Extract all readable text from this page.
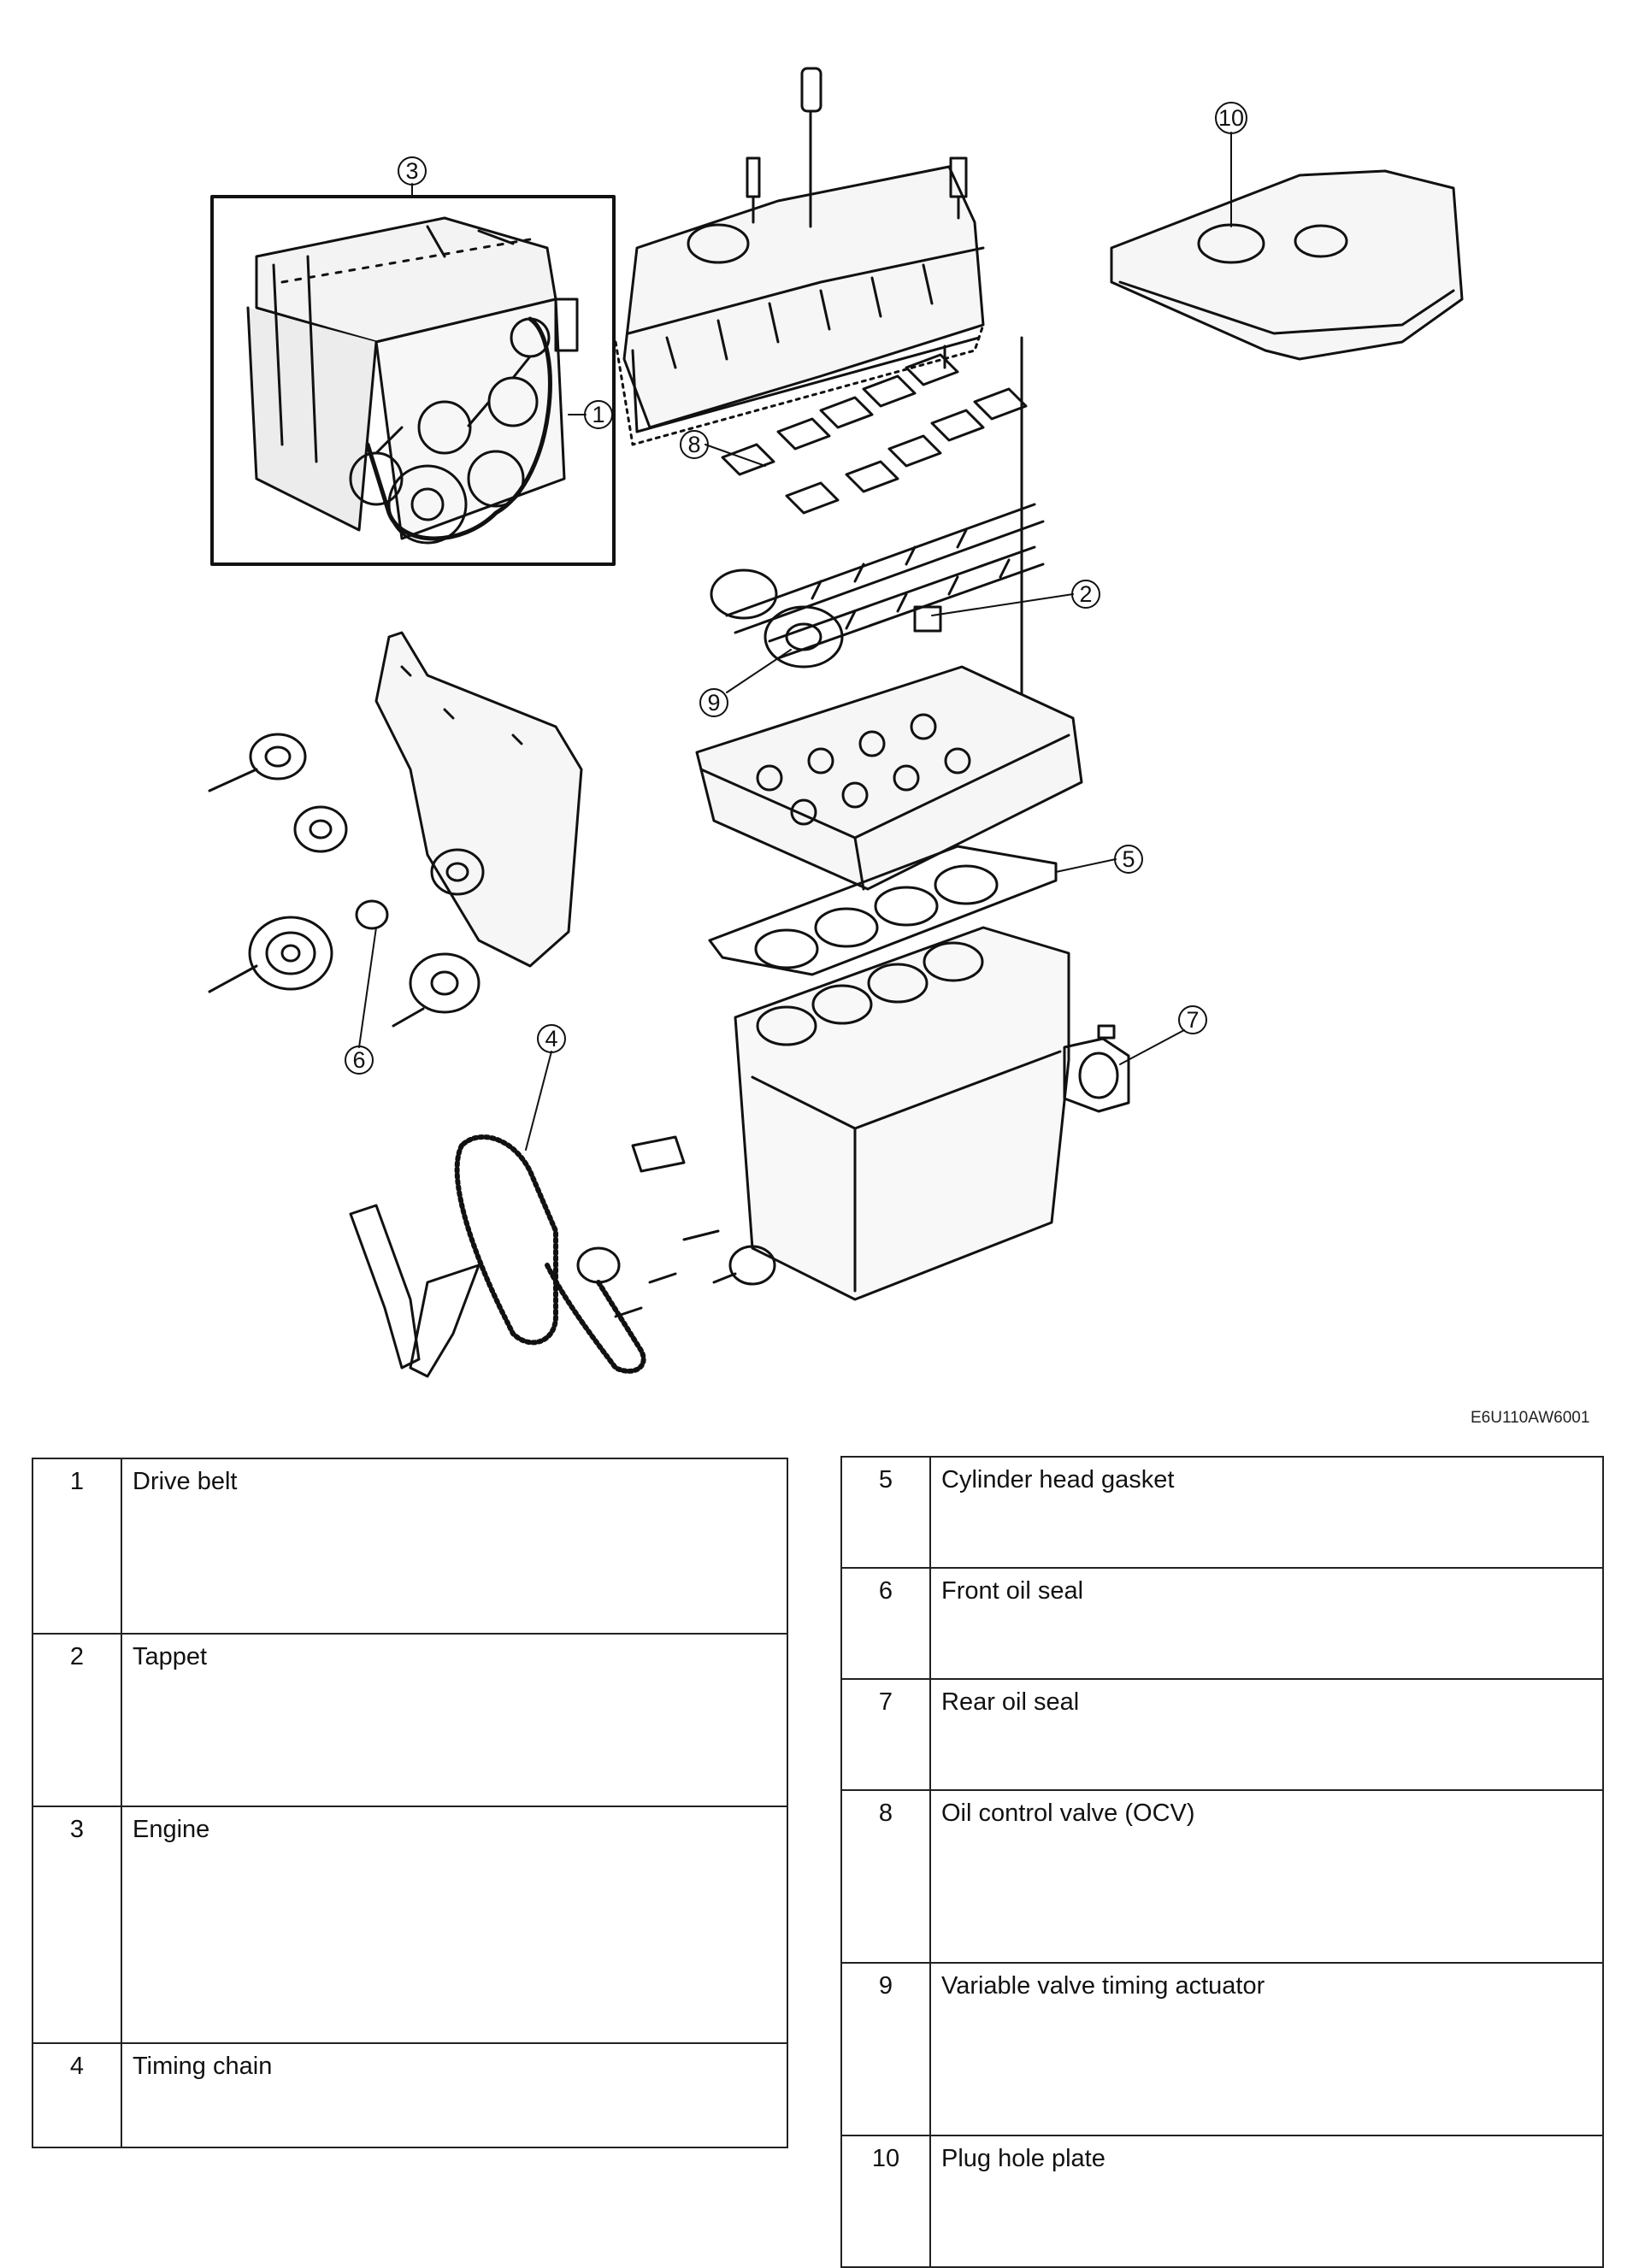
3
1
2
4
5
6
7
8
9
10
E6U110AW6001
1	Drive belt
2	Tappet
3	Engine
4	Timing chain
5	Cylinder head gasket
6	Front oil seal
7	Rear oil seal
8	Oil control valve (OCV)
9	Variable valve timing actuator
10	Plug hole plate
